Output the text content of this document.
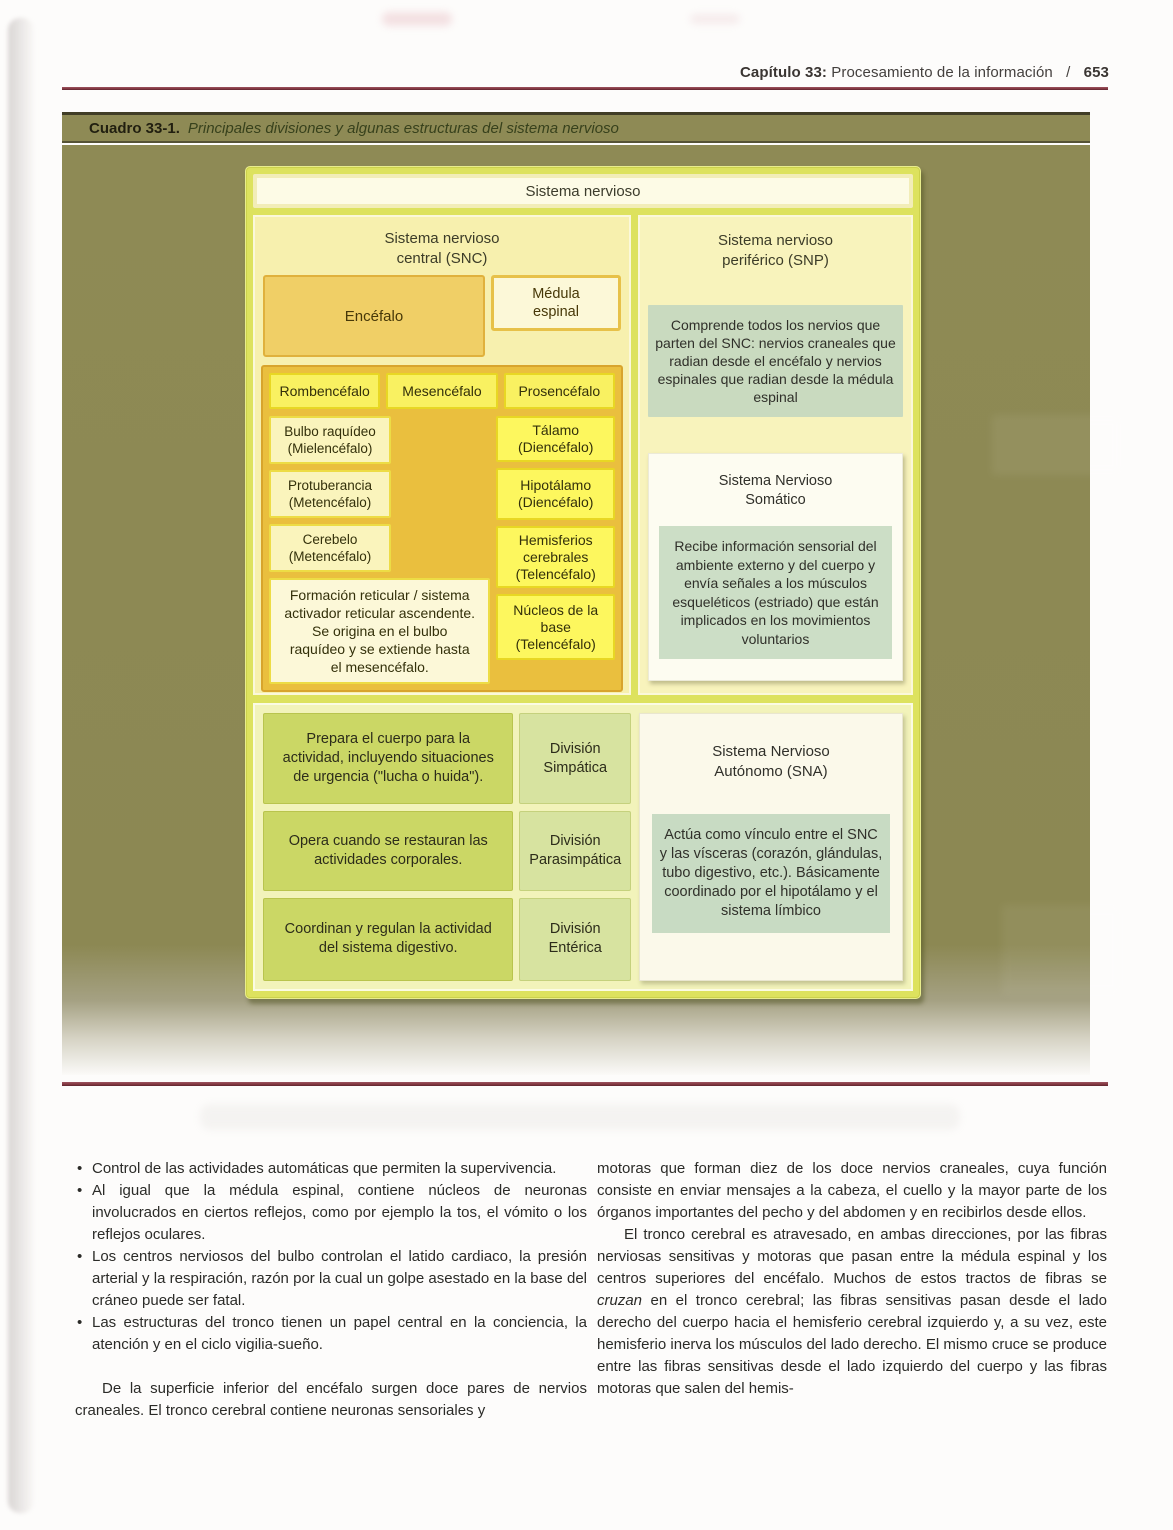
Capítulo 33: Procesamiento de la información / 653
Cuadro 33-1. Principales divisiones y algunas estructuras del sistema nervioso
Sistema nervioso
Sistema nervioso
central (SNC)
Encéfalo
Médula
espinal
Rombencéfalo	Mesencéfalo	Prosencéfalo
Bulbo raquídeo
(Mielencéfalo)
Protuberancia
(Metencéfalo)
Cerebelo
(Metencéfalo)
Formación reticular / sistema activador reticular ascendente. Se origina en el bulbo raquídeo y se extiende hasta el mesencéfalo.
Tálamo
(Diencéfalo)
Hipotálamo
(Diencéfalo)
Hemisferios cerebrales
(Telencéfalo)
Núcleos de la base
(Telencéfalo)
Sistema nervioso
periférico (SNP)
Comprende todos los nervios que parten del SNC: nervios craneales que radian desde el encéfalo y nervios espinales que radian desde la médula espinal
Sistema Nervioso
Somático
Recibe información sensorial del ambiente externo y del cuerpo y envía señales a los músculos esqueléticos (estriado) que están implicados en los movimientos voluntarios
Prepara el cuerpo para la actividad, incluyendo situaciones de urgencia ("lucha o huida").
División
Simpática
Opera cuando se restauran las actividades corporales.
División
Parasimpática
Coordinan y regulan la actividad del sistema digestivo.
División
Entérica
Sistema Nervioso
Autónomo (SNA)
Actúa como vínculo entre el SNC y las vísceras (corazón, glándulas, tubo digestivo, etc.). Básicamente coordinado por el hipotálamo y el sistema límbico
• Control de las actividades automáticas que permiten la supervivencia.
• Al igual que la médula espinal, contiene núcleos de neuronas involucrados en ciertos reflejos, como por ejemplo la tos, el vómito o los reflejos oculares.
• Los centros nerviosos del bulbo controlan el latido cardiaco, la presión arterial y la respiración, razón por la cual un golpe asestado en la base del cráneo puede ser fatal.
• Las estructuras del tronco tienen un papel central en la conciencia, la atención y en el ciclo vigilia-sueño.

De la superficie inferior del encéfalo surgen doce pares de nervios craneales. El tronco cerebral contiene neuronas sensoriales y

motoras que forman diez de los doce nervios craneales, cuya función consiste en enviar mensajes a la cabeza, el cuello y la mayor parte de los órganos importantes del pecho y del abdomen y en recibirlos desde ellos.

El tronco cerebral es atravesado, en ambas direcciones, por las fibras nerviosas sensitivas y motoras que pasan entre la médula espinal y los centros superiores del encéfalo. Muchos de estos tractos de fibras se cruzan en el tronco cerebral; las fibras sensitivas pasan desde el lado derecho del cuerpo hacia el hemisferio cerebral izquierdo y, a su vez, este hemisferio inerva los músculos del lado derecho. El mismo cruce se produce entre las fibras sensitivas desde el lado izquierdo del cuerpo y las fibras motoras que salen del hemis-
